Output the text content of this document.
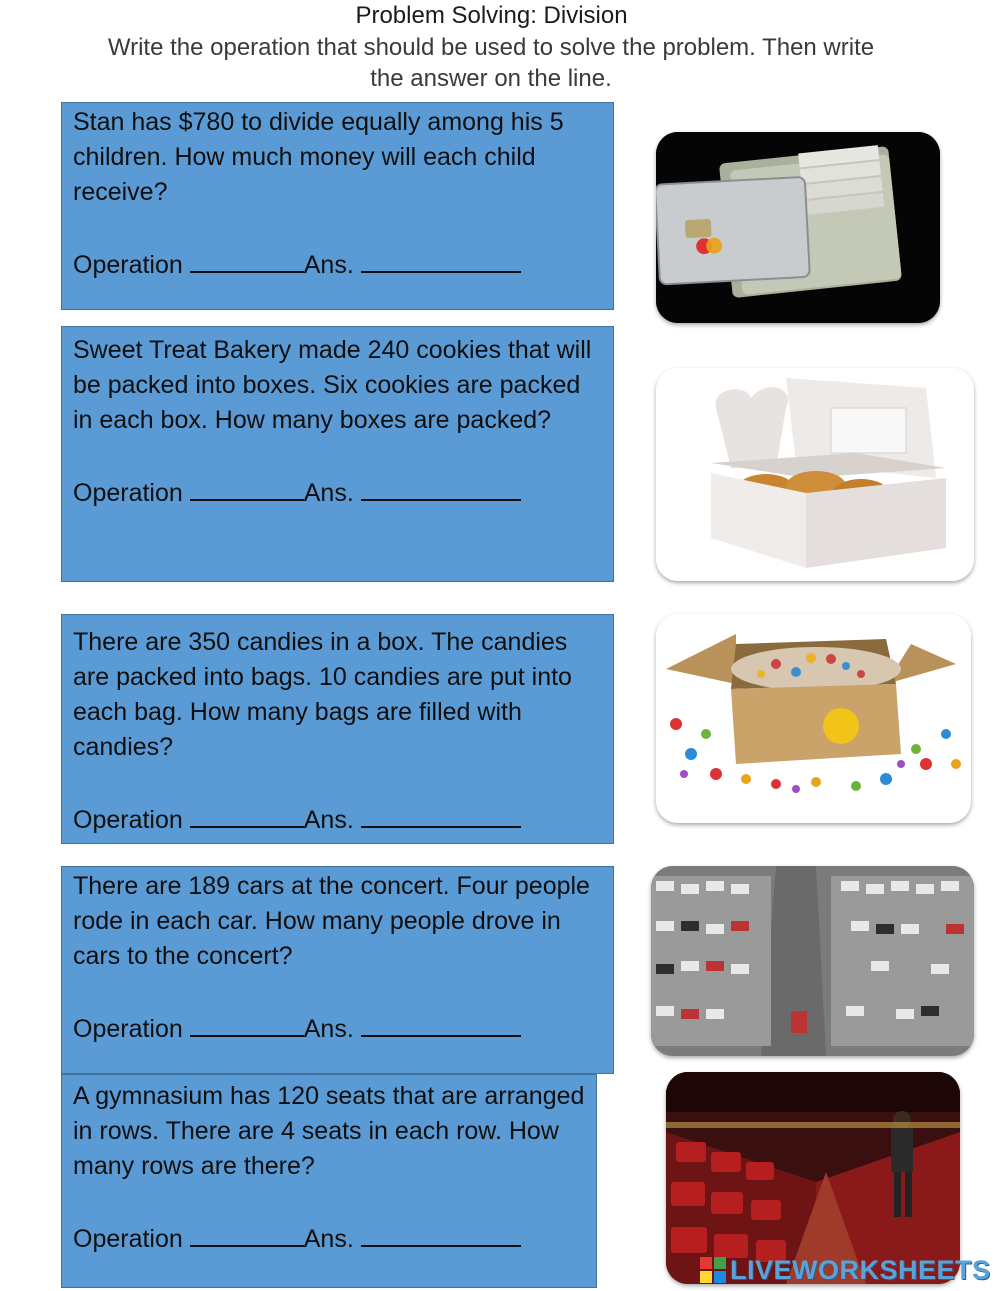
Problem Solving: Division
Write the operation that should be used to solve the problem. Then write the answer on the line.
Stan has $780 to divide equally among his 5 children. How much money will each child receive?
Operation	Ans.
Sweet Treat Bakery made 240 cookies that will be packed into boxes. Six cookies are packed in each box. How many boxes are packed?
Operation	Ans.
There are 350 candies in a box. The candies are packed into bags. 10 candies are put into each bag. How many bags are filled with candies?
Operation	Ans.
There are 189 cars at the concert. Four people rode in each car. How many people drove in cars to the concert?
Operation	Ans.
A gymnasium has 120 seats that are arranged in rows. There are 4 seats in each row. How many rows are there?
Operation	Ans.
LIVEWORKSHEETS
